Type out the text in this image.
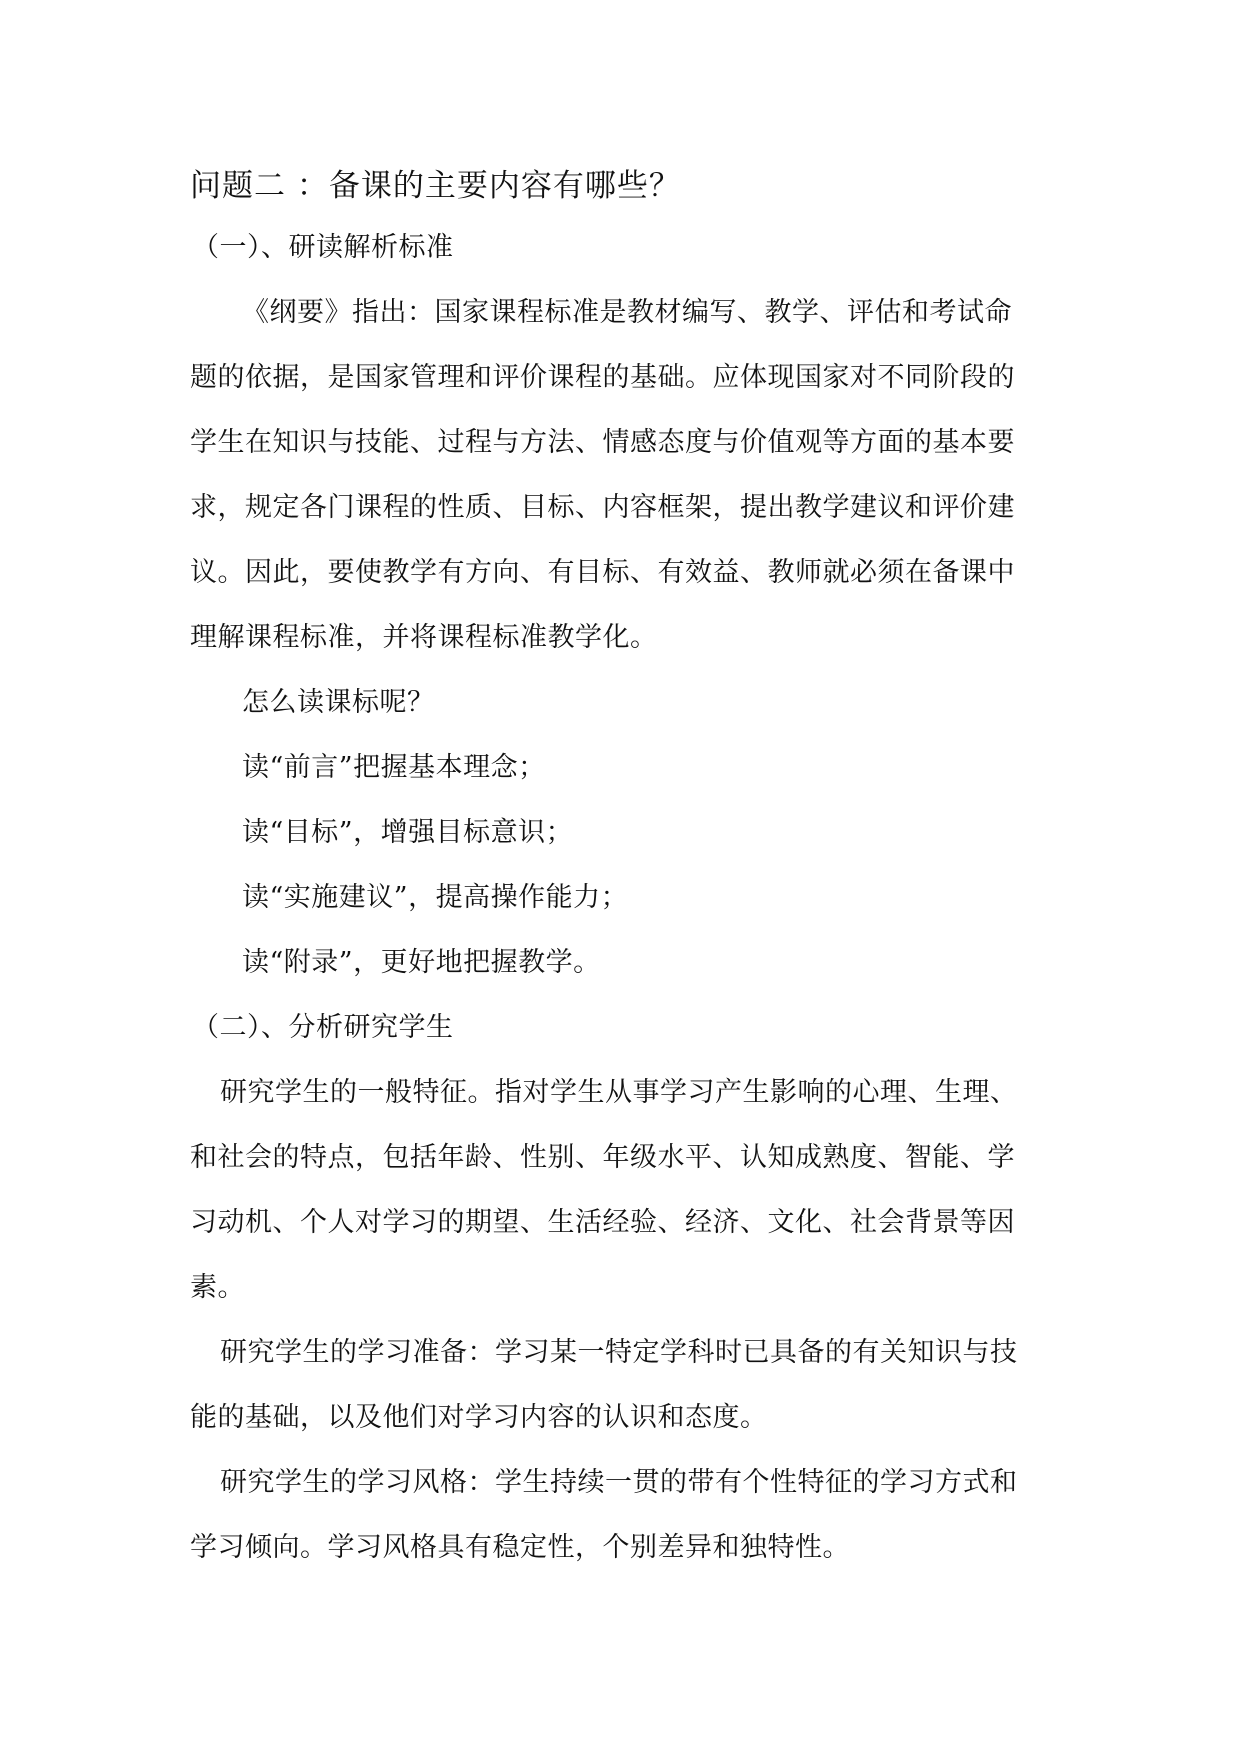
问题二 ：备课的主要内容有哪些？
（一）、研读解析标准
《纲要》指出：国家课程标准是教材编写、教学、评估和考试命
题的依据，是国家管理和评价课程的基础。应体现国家对不同阶段的
学生在知识与技能、过程与方法、情感态度与价值观等方面的基本要
求，规定各门课程的性质、目标、内容框架，提出教学建议和评价建
议。因此，要使教学有方向、有目标、有效益、教师就必须在备课中
理解课程标准，并将课程标准教学化。
怎么读课标呢？
读“前言”把握基本理念；
读“目标”，增强目标意识；
读“实施建议”，提高操作能力；
读“附录”，更好地把握教学。
（二）、分析研究学生
研究学生的一般特征。指对学生从事学习产生影响的心理、生理、
和社会的特点，包括年龄、性别、年级水平、认知成熟度、智能、学
习动机、个人对学习的期望、生活经验、经济、文化、社会背景等因
素。
研究学生的学习准备：学习某一特定学科时已具备的有关知识与技
能的基础，以及他们对学习内容的认识和态度。
研究学生的学习风格：学生持续一贯的带有个性特征的学习方式和
学习倾向。学习风格具有稳定性，个别差异和独特性。
